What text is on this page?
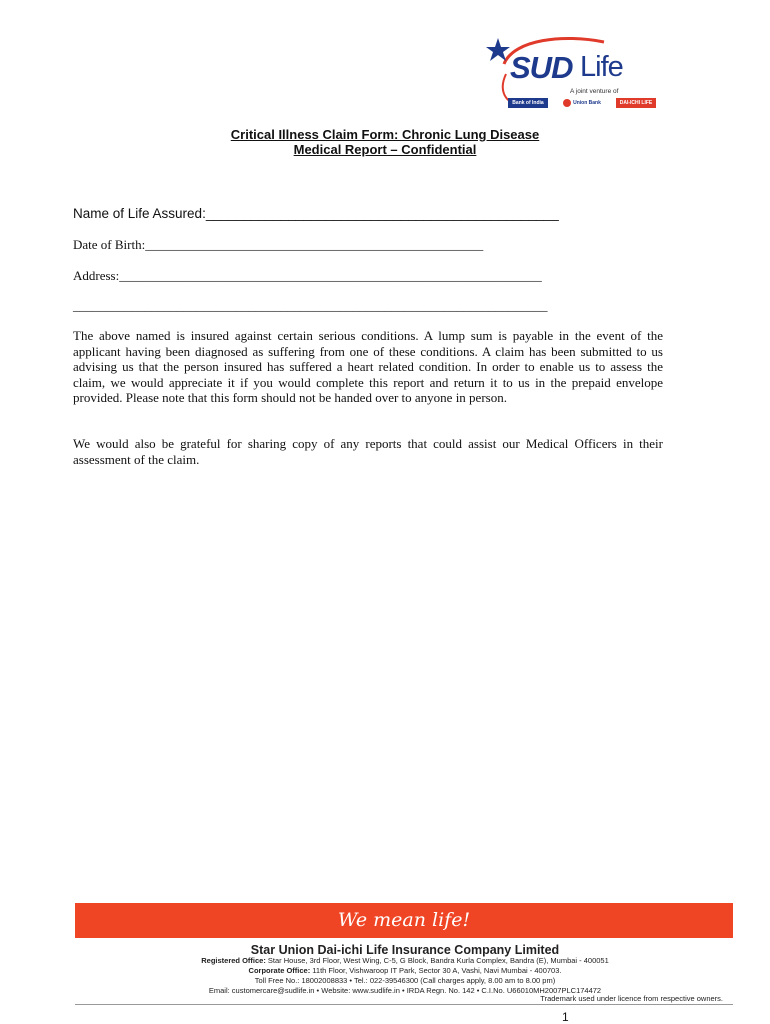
SUD Life
A joint venture of
Bank of India	Union Bank	DAI-ICHI LIFE
Critical Illness Claim Form: Chronic Lung Disease
Medical Report – Confidential
Name of Life Assured:_______________________________________________
Date of Birth:____________________________________________________
Address:_________________________________________________________________
_________________________________________________________________________
The above named is insured against certain serious conditions. A lump sum is payable in the event of the applicant having been diagnosed as suffering from one of these conditions. A claim has been submitted to us advising us that the person insured has suffered a heart related condition. In order to enable us to assess the claim, we would appreciate it if you would complete this report and return it to us in the prepaid envelope provided. Please note that this form should not be handed over to anyone in person.
We would also be grateful for sharing copy of any reports that could assist our Medical Officers in their assessment of the claim.
We mean life!
Star Union Dai-ichi Life Insurance Company Limited
Registered Office: Star House, 3rd Floor, West Wing, C-5, G Block, Bandra Kurla Complex, Bandra (E), Mumbai - 400051
Corporate Office: 11th Floor, Vishwaroop IT Park, Sector 30 A, Vashi, Navi Mumbai - 400703.
Toll Free No.: 18002008833 • Tel.: 022-39546300 (Call charges apply, 8.00 am to 8.00 pm)
Email: customercare@sudlife.in • Website: www.sudlife.in • IRDA Regn. No. 142 • C.I.No. U66010MH2007PLC174472
Trademark used under licence from respective owners.
1
